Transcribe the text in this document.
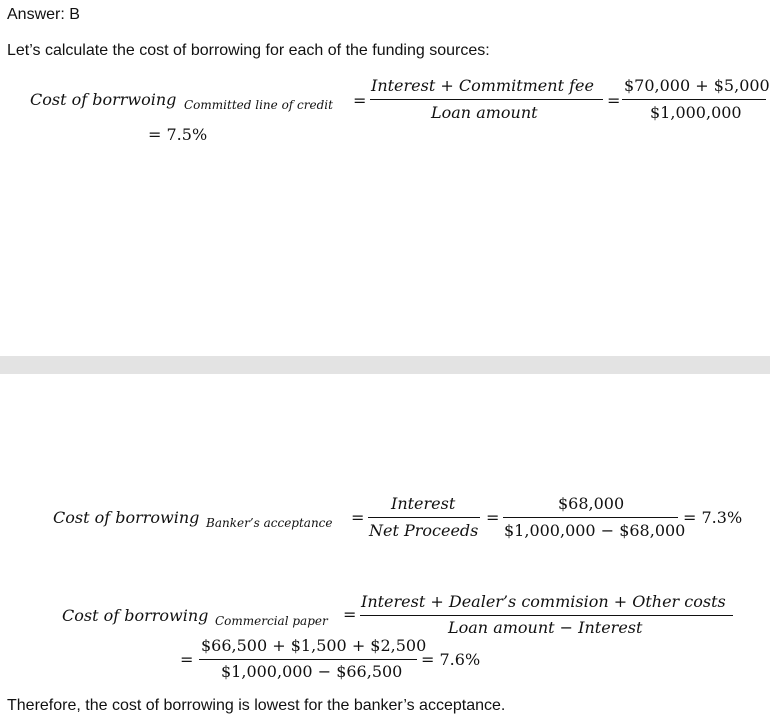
Answer: B
Let’s calculate the cost of borrowing for each of the funding sources:
Cost of borrwoing Committed line of credit =
Interest + Commitment fee
Loan amount
=
$70,000 + $5,000
$1,000,000
= 7.5%
Cost of borrowing Banker’s acceptance =
Interest
Net Proceeds
=
$68,000
$1,000,000 − $68,000
= 7.3%
Cost of borrowing Commercial paper =
Interest + Dealer’s commision + Other costs
Loan amount − Interest
=
$66,500 + $1,500 + $2,500
$1,000,000 − $66,500
= 7.6%
Therefore, the cost of borrowing is lowest for the banker’s acceptance.
